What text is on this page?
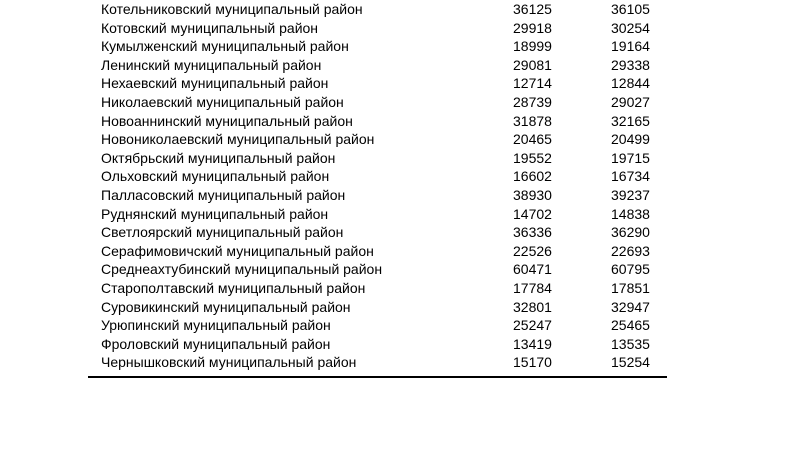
Котельниковский муниципальный район	36125	36105
Котовский муниципальный район	29918	30254
Кумылженский муниципальный район	18999	19164
Ленинский муниципальный район	29081	29338
Нехаевский муниципальный район	12714	12844
Николаевский муниципальный район	28739	29027
Новоаннинский муниципальный район	31878	32165
Новониколаевский муниципальный район	20465	20499
Октябрьский муниципальный район	19552	19715
Ольховский муниципальный район	16602	16734
Палласовский муниципальный район	38930	39237
Руднянский муниципальный район	14702	14838
Светлоярский муниципальный район	36336	36290
Серафимовичский муниципальный район	22526	22693
Среднеахтубинский муниципальный район	60471	60795
Старополтавский муниципальный район	17784	17851
Суровикинский муниципальный район	32801	32947
Урюпинский муниципальный район	25247	25465
Фроловский муниципальный район	13419	13535
Чернышковский муниципальный район	15170	15254
